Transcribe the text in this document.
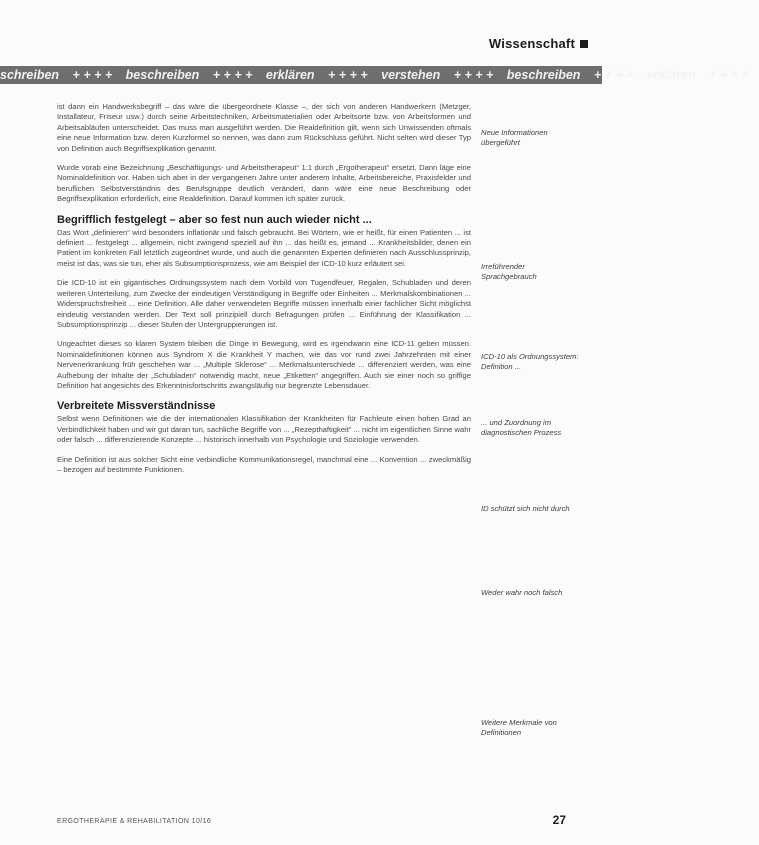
Wissenschaft
schreiben + + + + beschreiben + + + + erklären + + + + verstehen + + + + beschreiben + + + + erklären + + + +

ist dann ein Handwerksbegriff – das wäre die übergeordnete Klasse –, der sich von anderen Handwerkern (Metzger, Installateur, Friseur usw.) durch seine Arbeitstechniken, Arbeitsmaterialien oder Arbeitsorte bzw. von Arbeitsformen und Arbeitsabläufen unterscheidet. Das muss man ausgeführt werden. Die Realdefinition gilt, wenn sich Unwissenden oftmals eine neue Information bzw. deren Kurzformel so nennen, was dann zum Rückschluss geführt. Nicht selten wird dieser Typ von Definition auch Begriffsexplikation genannt.

Wurde vorab eine Bezeichnung „Beschäftigungs- und Arbeitstherapeut“ 1:1 durch „Ergotherapeut“ ersetzt. Dann läge eine Nominaldefinition vor. Haben sich aber in der vergangenen Jahre unter anderem Inhalte, Arbeitsbereiche, Praxisfelder und beruflichen Selbstverständnis des Berufsgruppe deutlich verändert, dann wäre eine neue Beschreibung oder Begriffsexplikation erforderlich, eine Realdefinition. Darauf kommen ich später zurück.

Begrifflich festgelegt – aber so fest nun auch wieder nicht ...

Das Wort „definieren“ wird besonders inflationär und falsch gebraucht. Bei Wörtern, wie er heißt, für einen Patienten ... ist definiert ... festgelegt ... allgemein, nicht zwingend speziell auf ihn ... das heißt es, jemand ... Krankheitsbilder, denen ein Patient im konkreten Fall letztlich zugeordnet wurde, und auch die genannten Experten definieren nach Ausschlussprinzip, meist ist das, was sie tun, eher als Subsumptionsprozess, wie am Beispiel der ICD-10 kurz erläutert sei.

Die ICD-10 ist ein gigantisches Ordnungssystem nach dem Vorbild von Tugendfeuer, Regalen, Schubladen und deren weiteren Unterteilung, zum Zwecke der eindeutigen Verständigung in Begriffe oder Einheiten ... Merkmalskombinationen ... Widerspruchsfreiheit ... eine Definition. Alle daher verwendeten Begriffe müssen innerhalb einer fachlicher Sicht möglichst eindeutig verstanden werden. Der Text soll prinzipiell durch Befragungen prüfen ... Einführung der Klassifikation ... Subsumptionsprinzip ... dieser Stufen der Untergruppierungen ist.

Ungeachtet dieses so klaren System bleiben die Dinge in Bewegung, wird es irgendwann eine ICD-11 geben müssen. Nominaldefinitionen können aus Syndrom X die Krankheit Y machen, wie das vor rund zwei Jahrzehnten mit einer Nervenerkrankung früh geschehen war ... „Multiple Sklerose“ ... Merkmalsunterschiede ... differenziert werden, was eine Aufhebung der Inhalte der „Schubladen“ notwendig macht, neue „Etiketten“ angegriffen. Auch sie einer noch so griffige Definition hat angesichts des Erkenntnisfortschritts zwangsläufig nur begrenzte Lebensdauer.

Verbreitete Missverständnisse

Selbst wenn Definitionen wie die der internationalen Klassifikation der Krankheiten für Fachleute einen hohen Grad an Verbindlichkeit haben und wir gut daran tun, sachliche Begriffe von ... „Rezepthaftigkeit“ ... nicht im eigentlichen Sinne wahr oder falsch ... differenzierende Konzepte ... historisch innerhalb von Psychologie und Soziologie verwenden.

Eine Definition ist aus solcher Sicht eine verbindliche Kommunikationsregel, manchmal eine ... Konvention ... zweckmäßig – bezogen auf bestimmte Funktionen.

Neue Informationen übergeführt
Irreführender Sprachgebrauch
ICD-10 als Ordnungssystem: Definition ...
... und Zuordnung im diagnostischen Prozess
ID schützt sich nicht durch
Weder wahr noch falsch
Weitere Merkmale von Definitionen
ERGOTHERAPIE & REHABILITATION 10/16	27
